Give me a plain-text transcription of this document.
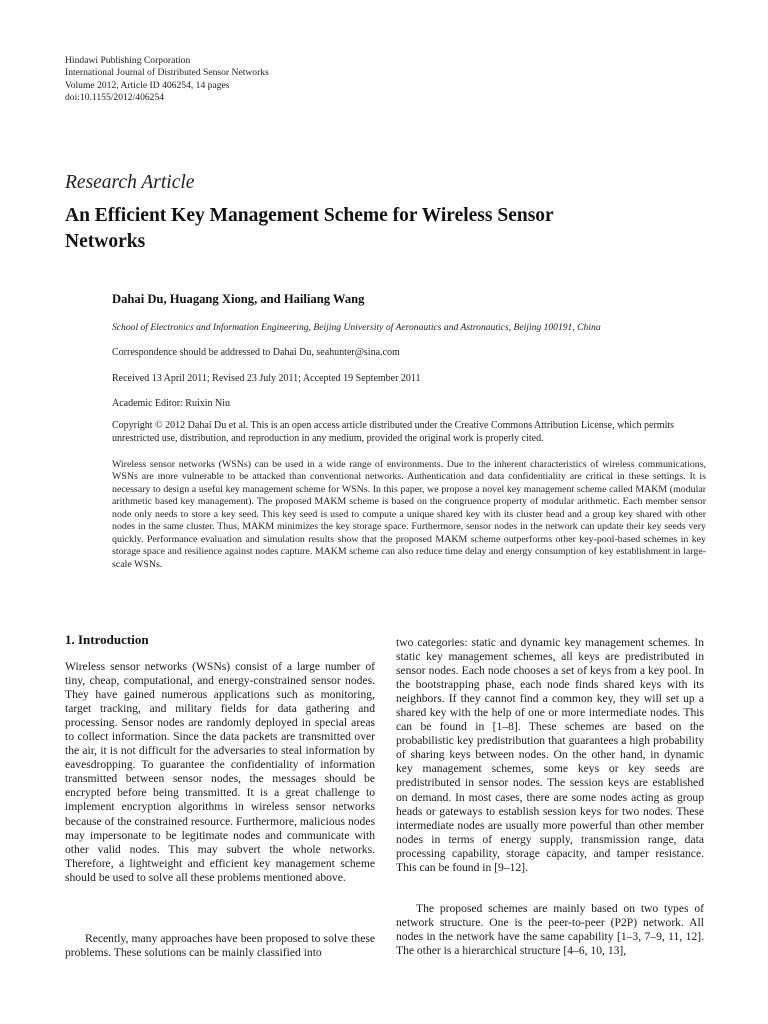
Hindawi Publishing Corporation
International Journal of Distributed Sensor Networks
Volume 2012, Article ID 406254, 14 pages
doi:10.1155/2012/406254
Research Article
An Efficient Key Management Scheme for Wireless Sensor Networks
Dahai Du, Huagang Xiong, and Hailiang Wang
School of Electronics and Information Engineering, Beijing University of Aeronautics and Astronautics, Beijing 100191, China
Correspondence should be addressed to Dahai Du, seahunter@sina.com
Received 13 April 2011; Revised 23 July 2011; Accepted 19 September 2011
Academic Editor: Ruixin Niu
Copyright © 2012 Dahai Du et al. This is an open access article distributed under the Creative Commons Attribution License, which permits unrestricted use, distribution, and reproduction in any medium, provided the original work is properly cited.
Wireless sensor networks (WSNs) can be used in a wide range of environments. Due to the inherent characteristics of wireless communications, WSNs are more vulnerable to be attacked than conventional networks. Authentication and data confidentiality are critical in these settings. It is necessary to design a useful key management scheme for WSNs. In this paper, we propose a novel key management scheme called MAKM (modular arithmetic based key management). The proposed MAKM scheme is based on the congruence property of modular arithmetic. Each member sensor node only needs to store a key seed. This key seed is used to compute a unique shared key with its cluster head and a group key shared with other nodes in the same cluster. Thus, MAKM minimizes the key storage space. Furthermore, sensor nodes in the network can update their key seeds very quickly. Performance evaluation and simulation results show that the proposed MAKM scheme outperforms other key-pool-based schemes in key storage space and resilience against nodes capture. MAKM scheme can also reduce time delay and energy consumption of key establishment in large-scale WSNs.
1. Introduction

Wireless sensor networks (WSNs) consist of a large number of tiny, cheap, computational, and energy-constrained sensor nodes. They have gained numerous applications such as monitoring, target tracking, and military fields for data gathering and processing. Sensor nodes are randomly deployed in special areas to collect information. Since the data packets are transmitted over the air, it is not difficult for the adversaries to steal information by eavesdropping. To guarantee the confidentiality of information transmitted between sensor nodes, the messages should be encrypted before being transmitted. It is a great challenge to implement encryption algorithms in wireless sensor networks because of the constrained resource. Furthermore, malicious nodes may impersonate to be legitimate nodes and communicate with other valid nodes. This may subvert the whole networks. Therefore, a lightweight and efficient key management scheme should be used to solve all these problems mentioned above.

Recently, many approaches have been proposed to solve these problems. These solutions can be mainly classified into

two categories: static and dynamic key management schemes. In static key management schemes, all keys are predistributed in sensor nodes. Each node chooses a set of keys from a key pool. In the bootstrapping phase, each node finds shared keys with its neighbors. If they cannot find a common key, they will set up a shared key with the help of one or more intermediate nodes. This can be found in [1–8]. These schemes are based on the probabilistic key predistribution that guarantees a high probability of sharing keys between nodes. On the other hand, in dynamic key management schemes, some keys or key seeds are predistributed in sensor nodes. The session keys are established on demand. In most cases, there are some nodes acting as group heads or gateways to establish session keys for two nodes. These intermediate nodes are usually more powerful than other member nodes in terms of energy supply, transmission range, data processing capability, storage capacity, and tamper resistance. This can be found in [9–12].

The proposed schemes are mainly based on two types of network structure. One is the peer-to-peer (P2P) network. All nodes in the network have the same capability [1–3, 7–9, 11, 12]. The other is a hierarchical structure [4–6, 10, 13],
